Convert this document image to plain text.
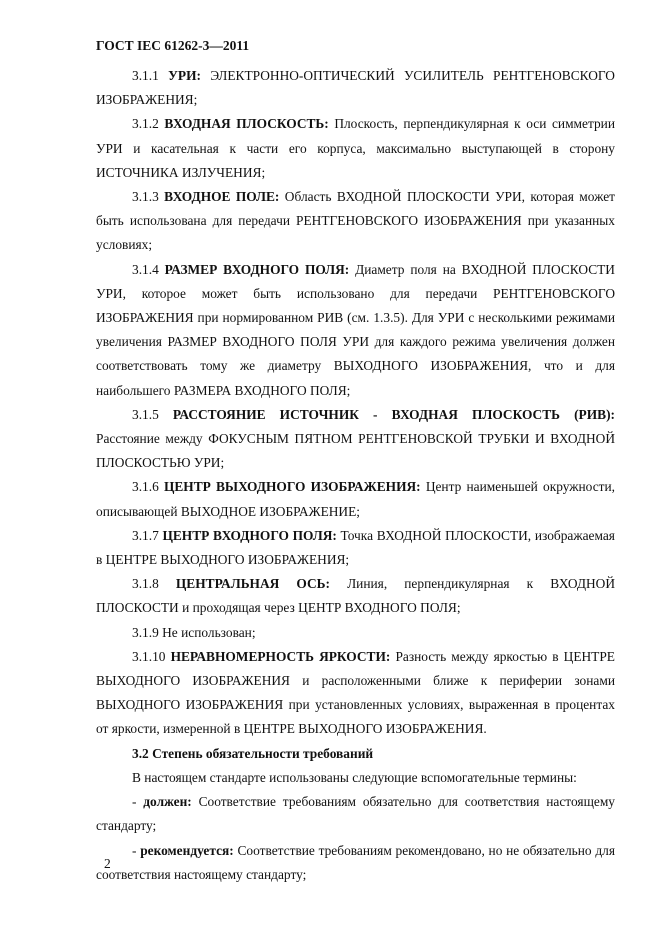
ГОСТ IEC 61262-3—2011

3.1.1 УРИ: ЭЛЕКТРОННО-ОПТИЧЕСКИЙ УСИЛИТЕЛЬ РЕНТГЕНОВСКОГО ИЗОБРАЖЕНИЯ;

3.1.2 ВХОДНАЯ ПЛОСКОСТЬ: Плоскость, перпендикулярная к оси симметрии УРИ и касательная к части его корпуса, максимально выступающей в сторону ИСТОЧНИКА ИЗЛУЧЕНИЯ;

3.1.3 ВХОДНОЕ ПОЛЕ: Область ВХОДНОЙ ПЛОСКОСТИ УРИ, которая может быть использована для передачи РЕНТГЕНОВСКОГО ИЗОБРАЖЕНИЯ при указанных условиях;

3.1.4 РАЗМЕР ВХОДНОГО ПОЛЯ: Диаметр поля на ВХОДНОЙ ПЛОСКОСТИ УРИ, которое может быть использовано для передачи РЕНТГЕНОВСКОГО ИЗОБРАЖЕНИЯ при нормированном РИВ (см. 1.3.5). Для УРИ с несколькими режимами увеличения РАЗМЕР ВХОДНОГО ПОЛЯ УРИ для каждого режима увеличения должен соответствовать тому же диаметру ВЫХОДНОГО ИЗОБРАЖЕНИЯ, что и для наибольшего РАЗМЕРА ВХОДНОГО ПОЛЯ;

3.1.5 РАССТОЯНИЕ ИСТОЧНИК - ВХОДНАЯ ПЛОСКОСТЬ (РИВ): Расстояние между ФОКУСНЫМ ПЯТНОМ РЕНТГЕНОВСКОЙ ТРУБКИ И ВХОДНОЙ ПЛОСКОСТЬЮ УРИ;

3.1.6 ЦЕНТР ВЫХОДНОГО ИЗОБРАЖЕНИЯ: Центр наименьшей окружности, описывающей ВЫХОДНОЕ ИЗОБРАЖЕНИЕ;

3.1.7 ЦЕНТР ВХОДНОГО ПОЛЯ: Точка ВХОДНОЙ ПЛОСКОСТИ, изображаемая в ЦЕНТРЕ ВЫХОДНОГО ИЗОБРАЖЕНИЯ;

3.1.8 ЦЕНТРАЛЬНАЯ ОСЬ: Линия, перпендикулярная к ВХОДНОЙ ПЛОСКОСТИ и проходящая через ЦЕНТР ВХОДНОГО ПОЛЯ;

3.1.9 Не использован;

3.1.10 НЕРАВНОМЕРНОСТЬ ЯРКОСТИ: Разность между яркостью в ЦЕНТРЕ ВЫХОДНОГО ИЗОБРАЖЕНИЯ и расположенными ближе к периферии зонами ВЫХОДНОГО ИЗОБРАЖЕНИЯ при установленных условиях, выраженная в процентах от яркости, измеренной в ЦЕНТРЕ ВЫХОДНОГО ИЗОБРАЖЕНИЯ.

3.2 Степень обязательности требований

В настоящем стандарте использованы следующие вспомогательные термины:

- должен: Соответствие требованиям обязательно для соответствия настоящему стандарту;

- рекомендуется: Соответствие требованиям рекомендовано, но не обязательно для соответствия настоящему стандарту;

2
